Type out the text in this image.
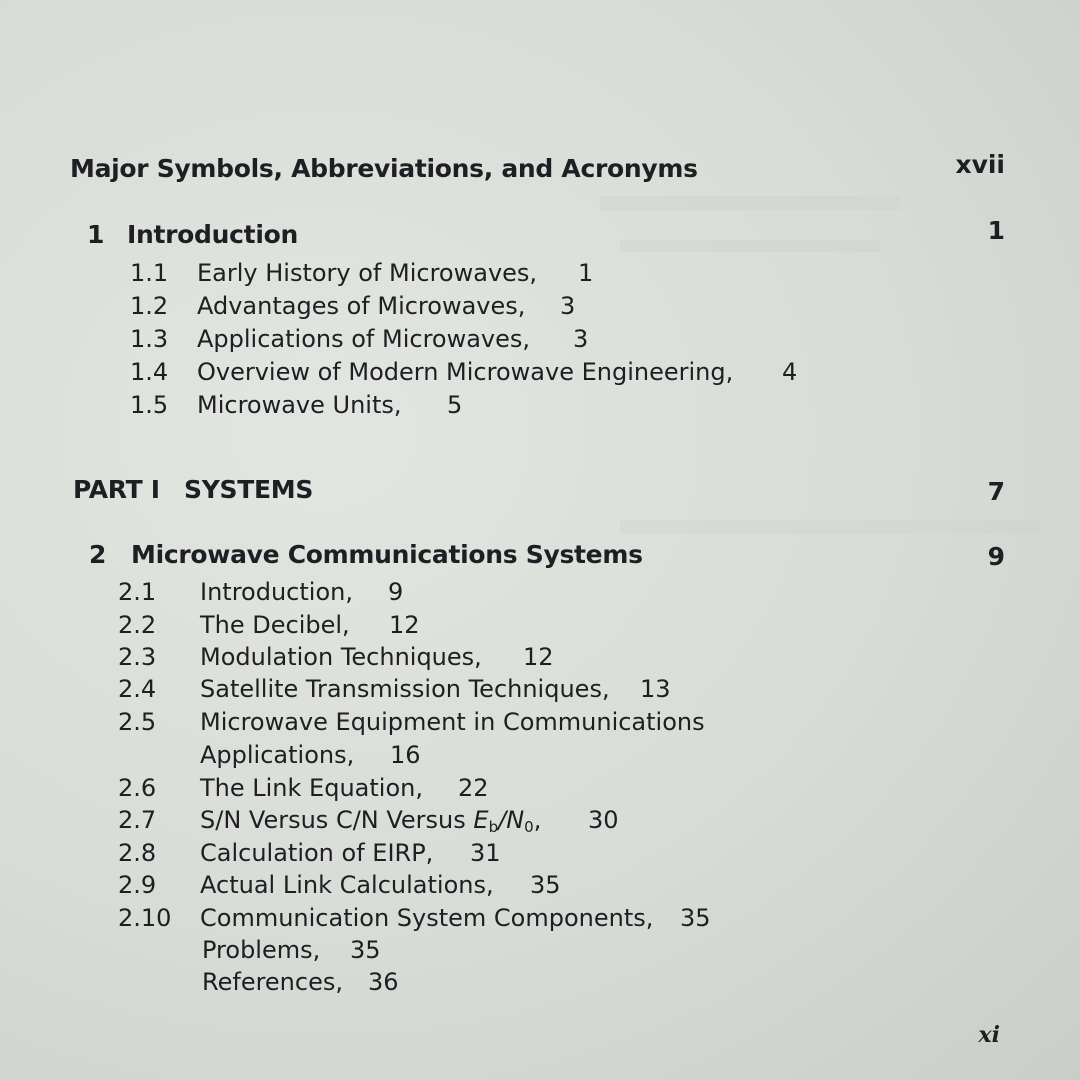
Major Symbols, Abbreviations, and Acronyms	xvii
1 Introduction	1
1.1 Early History of Microwaves, 1
1.2 Advantages of Microwaves, 3
1.3 Applications of Microwaves, 3
1.4 Overview of Modern Microwave Engineering, 4
1.5 Microwave Units, 5
PART I SYSTEMS	7
2 Microwave Communications Systems	9
2.1 Introduction, 9
2.2 The Decibel, 12
2.3 Modulation Techniques, 12
2.4 Satellite Transmission Techniques, 13
2.5 Microwave Equipment in Communications
Applications, 16
2.6 The Link Equation, 22
2.7 S/N Versus C/N Versus $E_b/N_0$, 30
2.8 Calculation of EIRP, 31
2.9 Actual Link Calculations, 35
2.10 Communication System Components, 35
Problems, 35
References, 36
xi
